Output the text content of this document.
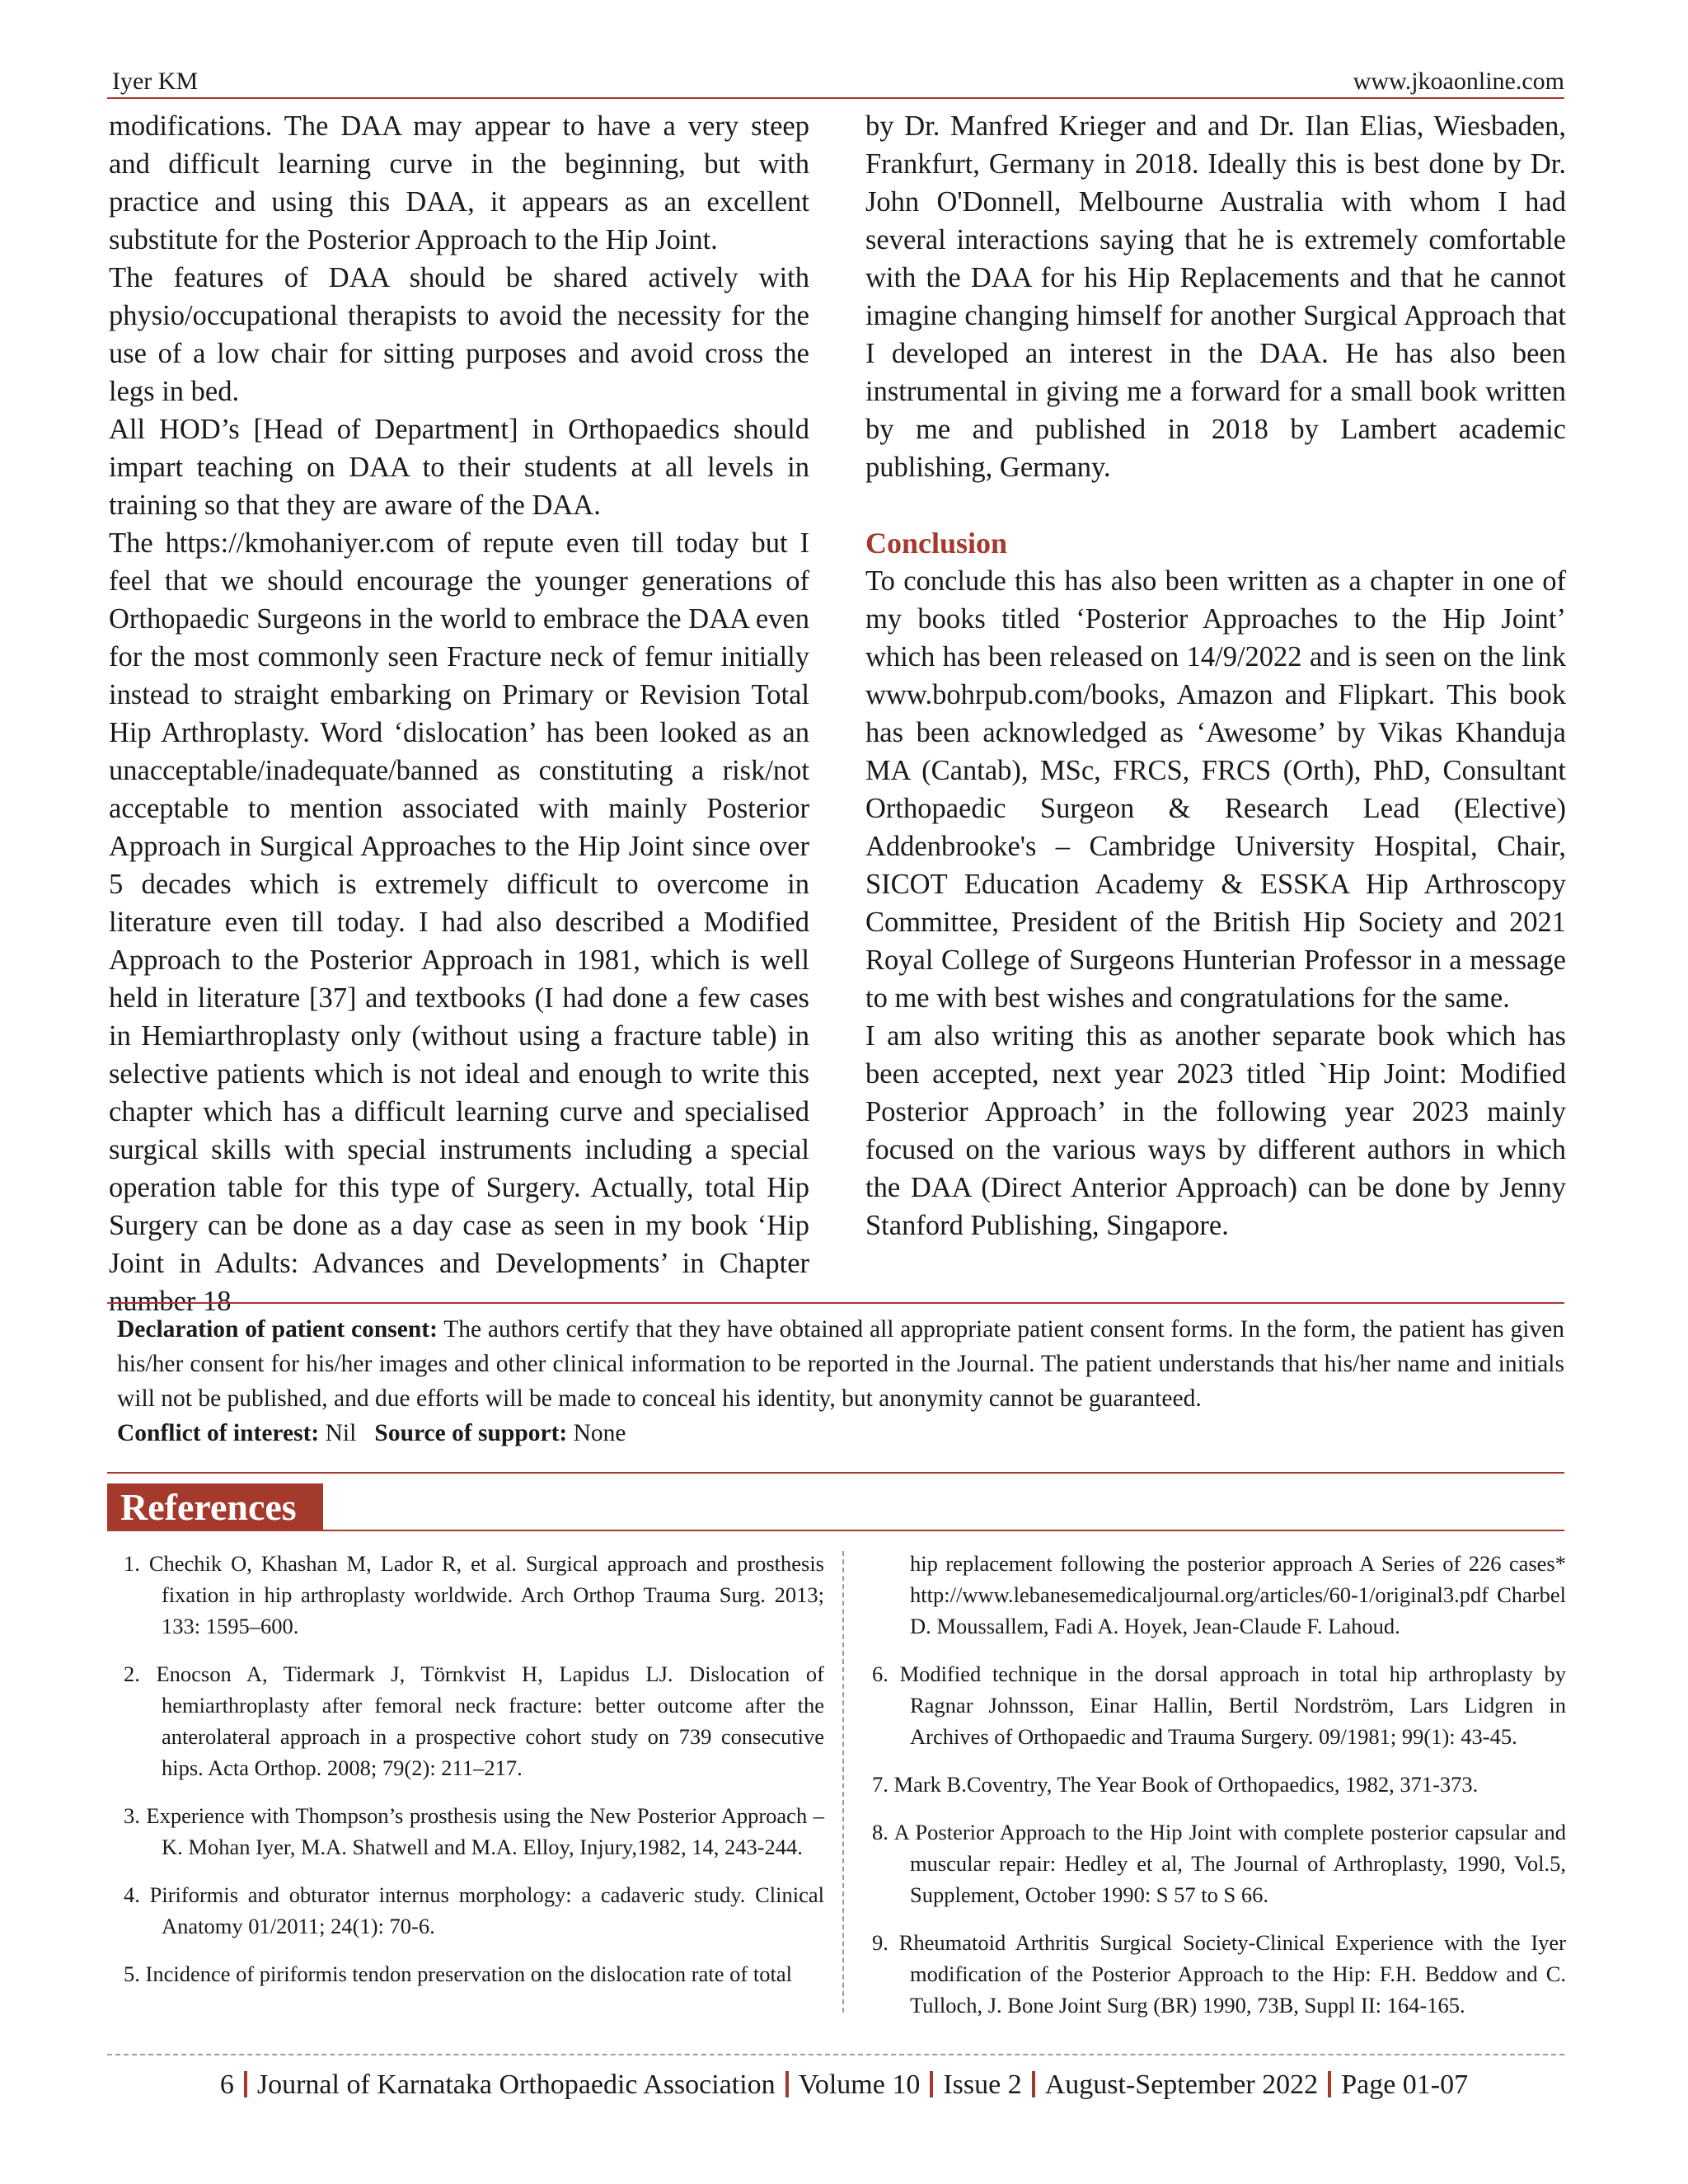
Iyer KM	www.jkoaonline.com

modifications. The DAA may appear to have a very steep and difficult learning curve in the beginning, but with practice and using this DAA, it appears as an excellent substitute for the Posterior Approach to the Hip Joint.

The features of DAA should be shared actively with physio/occupational therapists to avoid the necessity for the use of a low chair for sitting purposes and avoid cross the legs in bed.

All HOD’s [Head of Department] in Orthopaedics should impart teaching on DAA to their students at all levels in training so that they are aware of the DAA.

The https://kmohaniyer.com of repute even till today but I feel that we should encourage the younger generations of Orthopaedic Surgeons in the world to embrace the DAA even for the most commonly seen Fracture neck of femur initially instead to straight embarking on Primary or Revision Total Hip Arthroplasty. Word ‘dislocation’ has been looked as an unacceptable/inadequate/banned as constituting a risk/not acceptable to mention associated with mainly Posterior Approach in Surgical Approaches to the Hip Joint since over 5 decades which is extremely difficult to overcome in literature even till today. I had also described a Modified Approach to the Posterior Approach in 1981, which is well held in literature [37] and textbooks (I had done a few cases in Hemiarthroplasty only (without using a fracture table) in selective patients which is not ideal and enough to write this chapter which has a difficult learning curve and specialised surgical skills with special instruments including a special operation table for this type of Surgery. Actually, total Hip Surgery can be done as a day case as seen in my book ‘Hip Joint in Adults: Advances and Developments’ in Chapter number 18

by Dr. Manfred Krieger and and Dr. Ilan Elias, Wiesbaden, Frankfurt, Germany in 2018. Ideally this is best done by Dr. John O'Donnell, Melbourne Australia with whom I had several interactions saying that he is extremely comfortable with the DAA for his Hip Replacements and that he cannot imagine changing himself for another Surgical Approach that I developed an interest in the DAA. He has also been instrumental in giving me a forward for a small book written by me and published in 2018 by Lambert academic publishing, Germany.

Conclusion

To conclude this has also been written as a chapter in one of my books titled ‘Posterior Approaches to the Hip Joint’ which has been released on 14/9/2022 and is seen on the link www.bohrpub.com/books, Amazon and Flipkart. This book has been acknowledged as ‘Awesome’ by Vikas Khanduja MA (Cantab), MSc, FRCS, FRCS (Orth), PhD, Consultant Orthopaedic Surgeon & Research Lead (Elective) Addenbrooke's – Cambridge University Hospital, Chair, SICOT Education Academy & ESSKA Hip Arthroscopy Committee, President of the British Hip Society and 2021 Royal College of Surgeons Hunterian Professor in a message to me with best wishes and congratulations for the same.

I am also writing this as another separate book which has been accepted, next year 2023 titled `Hip Joint: Modified Posterior Approach’ in the following year 2023 mainly focused on the various ways by different authors in which the DAA (Direct Anterior Approach) can be done by Jenny Stanford Publishing, Singapore.

Declaration of patient consent: The authors certify that they have obtained all appropriate patient consent forms. In the form, the patient has given his/her consent for his/her images and other clinical information to be reported in the Journal. The patient understands that his/her name and initials will not be published, and due efforts will be made to conceal his identity, but anonymity cannot be guaranteed.

Conflict of interest: Nil Source of support: None

References

1. Chechik O, Khashan M, Lador R, et al. Surgical approach and prosthesis fixation in hip arthroplasty worldwide. Arch Orthop Trauma Surg. 2013; 133: 1595–600.

2. Enocson A, Tidermark J, Törnkvist H, Lapidus LJ. Dislocation of hemiarthroplasty after femoral neck fracture: better outcome after the anterolateral approach in a prospective cohort study on 739 consecutive hips. Acta Orthop. 2008; 79(2): 211–217.

3. Experience with Thompson’s prosthesis using the New Posterior Approach – K. Mohan Iyer, M.A. Shatwell and M.A. Elloy, Injury,1982, 14, 243-244.

4. Piriformis and obturator internus morphology: a cadaveric study. Clinical Anatomy 01/2011; 24(1): 70-6.

5. Incidence of piriformis tendon preservation on the dislocation rate of total

hip replacement following the posterior approach A Series of 226 cases* http://www.lebanesemedicaljournal.org/articles/60-1/original3.pdf Charbel D. Moussallem, Fadi A. Hoyek, Jean-Claude F. Lahoud.

6. Modified technique in the dorsal approach in total hip arthroplasty by Ragnar Johnsson, Einar Hallin, Bertil Nordström, Lars Lidgren in Archives of Orthopaedic and Trauma Surgery. 09/1981; 99(1): 43-45.

7. Mark B.Coventry, The Year Book of Orthopaedics, 1982, 371-373.

8. A Posterior Approach to the Hip Joint with complete posterior capsular and muscular repair: Hedley et al, The Journal of Arthroplasty, 1990, Vol.5, Supplement, October 1990: S 57 to S 66.

9. Rheumatoid Arthritis Surgical Society-Clinical Experience with the Iyer modification of the Posterior Approach to the Hip: F.H. Beddow and C. Tulloch, J. Bone Joint Surg (BR) 1990, 73B, Suppl II: 164-165.

6 Journal of Karnataka Orthopaedic Association Volume 10 Issue 2 August-September 2022 Page 01-07
